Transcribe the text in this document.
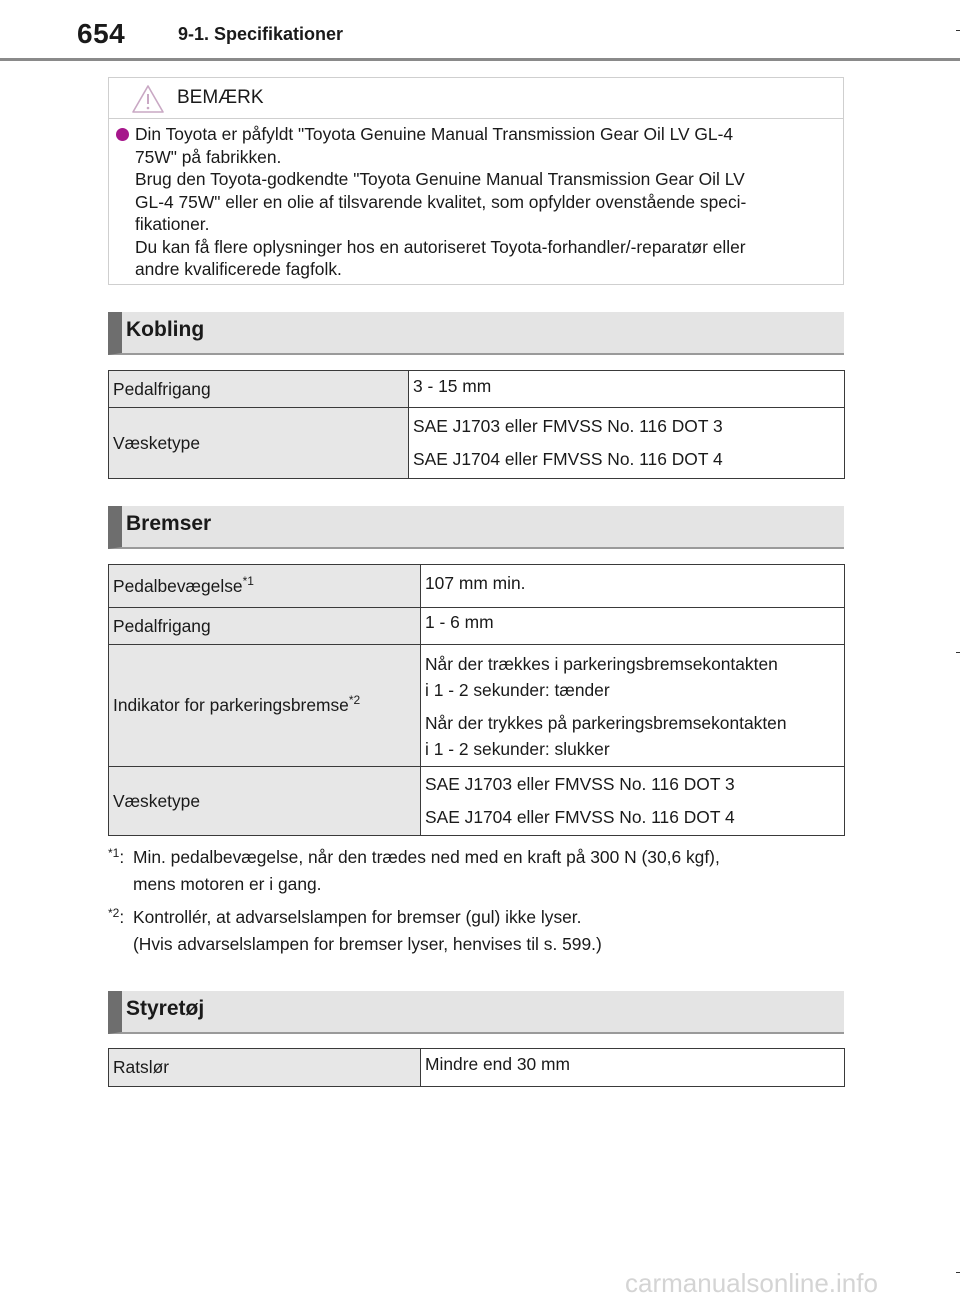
654	9-1. Specifikationer
BEMÆRK

Din Toyota er påfyldt "Toyota Genuine Manual Transmission Gear Oil LV GL-4

75W" på fabrikken.

Brug den Toyota-godkendte "Toyota Genuine Manual Transmission Gear Oil LV

GL-4 75W" eller en olie af tilsvarende kvalitet, som opfylder ovenstående speci-

fikationer.

Du kan få flere oplysninger hos en autoriseret Toyota-forhandler/-reparatør eller

andre kvalificerede fagfolk.

Kobling
Pedalfrigang	3 - 15 mm
Væsketype	SAE J1703 eller FMVSS No. 116 DOT 3
SAE J1704 eller FMVSS No. 116 DOT 4
Bremser
Pedalbevægelse$^{*1}$	107 mm min.
Pedalfrigang	1 - 6 mm
Indikator for parkeringsbremse$^{*2}$	Når der trækkes i parkeringsbremsekontakten
i 1 - 2 sekunder: tænder
Når der trykkes på parkeringsbremsekontakten
i 1 - 2 sekunder: slukker

Væsketype	SAE J1703 eller FMVSS No. 116 DOT 3
SAE J1704 eller FMVSS No. 116 DOT 4
$^{*1}$: Min. pedalbevægelse, når den trædes ned med en kraft på 300 N (30,6 kgf),
mens motoren er i gang.
$^{*2}$: Kontrollér, at advarselslampen for bremser (gul) ikke lyser.
(Hvis advarselslampen for bremser lyser, henvises til s. 599.)
Styretøj
Ratslør	Mindre end 30 mm
carmanualsonline.info
